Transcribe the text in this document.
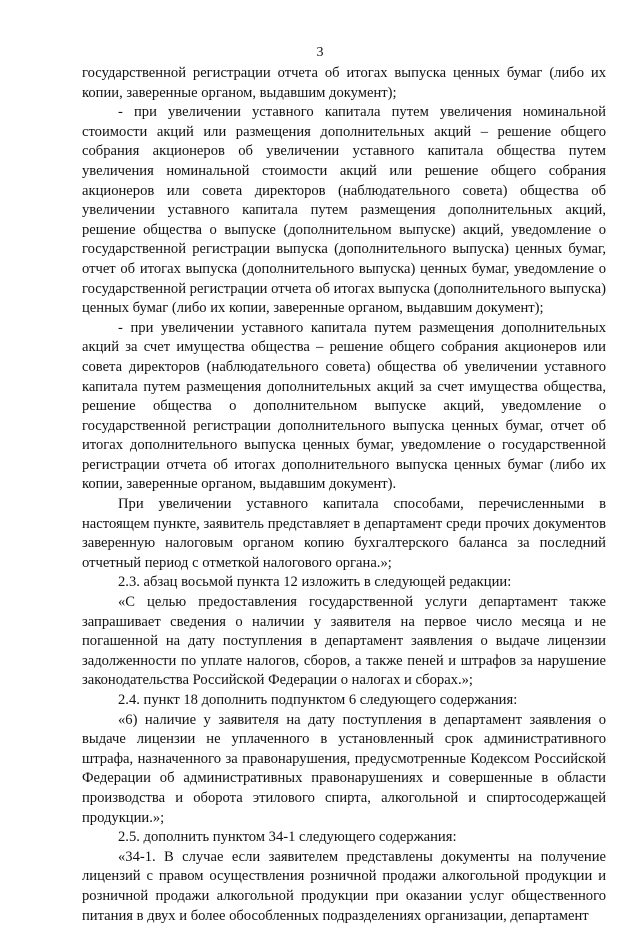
3

государственной регистрации отчета об итогах выпуска ценных бумаг (либо их копии, заверенные органом, выдавшим документ);

- при увеличении уставного капитала путем увеличения номинальной стоимости акций или размещения дополнительных акций – решение общего собрания акционеров об увеличении уставного капитала общества путем увеличения номинальной стоимости акций или решение общего собрания акционеров или совета директоров (наблюдательного совета) общества об увеличении уставного капитала путем размещения дополнительных акций, решение общества о выпуске (дополнительном выпуске) акций, уведомление о государственной регистрации выпуска (дополнительного выпуска) ценных бумаг, отчет об итогах выпуска (дополнительного выпуска) ценных бумаг, уведомление о государственной регистрации отчета об итогах выпуска (дополнительного выпуска) ценных бумаг (либо их копии, заверенные органом, выдавшим документ);

- при увеличении уставного капитала путем размещения дополнительных акций за счет имущества общества – решение общего собрания акционеров или совета директоров (наблюдательного совета) общества об увеличении уставного капитала путем размещения дополнительных акций за счет имущества общества, решение общества о дополнительном выпуске акций, уведомление о государственной регистрации дополнительного выпуска ценных бумаг, отчет об итогах дополнительного выпуска ценных бумаг, уведомление о государственной регистрации отчета об итогах дополнительного выпуска ценных бумаг (либо их копии, заверенные органом, выдавшим документ).

При увеличении уставного капитала способами, перечисленными в настоящем пункте, заявитель представляет в департамент среди прочих документов заверенную налоговым органом копию бухгалтерского баланса за последний отчетный период с отметкой налогового органа.»;

2.3. абзац восьмой пункта 12 изложить в следующей редакции:

«С целью предоставления государственной услуги департамент также запрашивает сведения о наличии у заявителя на первое число месяца и не погашенной на дату поступления в департамент заявления о выдаче лицензии задолженности по уплате налогов, сборов, а также пеней и штрафов за нарушение законодательства Российской Федерации о налогах и сборах.»;

2.4. пункт 18 дополнить подпунктом 6 следующего содержания:

«6) наличие у заявителя на дату поступления в департамент заявления о выдаче лицензии не уплаченного в установленный срок административного штрафа, назначенного за правонарушения, предусмотренные Кодексом Российской Федерации об административных правонарушениях и совершенные в области производства и оборота этилового спирта, алкогольной и спиртосодержащей продукции.»;

2.5. дополнить пунктом 34-1 следующего содержания:

«34-1. В случае если заявителем представлены документы на получение лицензий с правом осуществления розничной продажи алкогольной продукции и розничной продажи алкогольной продукции при оказании услуг общественного питания в двух и более обособленных подразделениях организации, департамент
